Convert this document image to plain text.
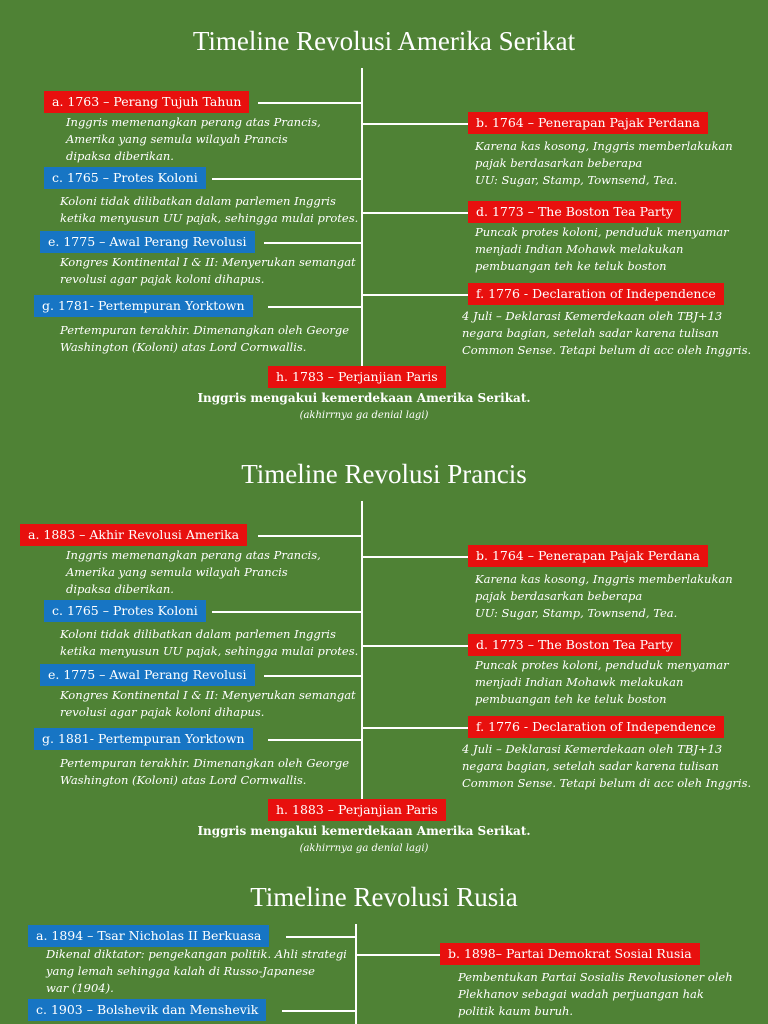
Timeline Revolusi Amerika Serikat
a. 1763 – Perang Tujuh Tahun
Inggris memenangkan perang atas Prancis,
Amerika yang semula wilayah Prancis
dipaksa diberikan.
b. 1764 – Penerapan Pajak Perdana
Karena kas kosong, Inggris memberlakukan
pajak berdasarkan beberapa
UU: Sugar, Stamp, Townsend, Tea.
c. 1765 – Protes Koloni
Koloni tidak dilibatkan dalam parlemen Inggris
ketika menyusun UU pajak, sehingga mulai protes.	d. 1773 – The Boston Tea Party
Puncak protes koloni, penduduk menyamar
menjadi Indian Mohawk melakukan
pembuangan teh ke teluk boston
e. 1775 – Awal Perang Revolusi
Kongres Kontinental I & II: Menyerukan semangat
revolusi agar pajak koloni dihapus.
f. 1776 - Declaration of Independence
4 Juli – Deklarasi Kemerdekaan oleh TBJ+13
negara bagian, setelah sadar karena tulisan
Common Sense. Tetapi belum di acc oleh Inggris.
g. 1781- Pertempuran Yorktown
Pertempuran terakhir. Dimenangkan oleh George
Washington (Koloni) atas Lord Cornwallis.
h. 1783 – Perjanjian Paris
Inggris mengakui kemerdekaan Amerika Serikat.
(akhirrnya ga denial lagi)
Timeline Revolusi Prancis
a. 1883 – Akhir Revolusi Amerika
Inggris memenangkan perang atas Prancis,
Amerika yang semula wilayah Prancis
dipaksa diberikan.
b. 1764 – Penerapan Pajak Perdana
Karena kas kosong, Inggris memberlakukan
pajak berdasarkan beberapa
UU: Sugar, Stamp, Townsend, Tea.
c. 1765 – Protes Koloni
Koloni tidak dilibatkan dalam parlemen Inggris
ketika menyusun UU pajak, sehingga mulai protes.	d. 1773 – The Boston Tea Party
Puncak protes koloni, penduduk menyamar
menjadi Indian Mohawk melakukan
pembuangan teh ke teluk boston
e. 1775 – Awal Perang Revolusi
Kongres Kontinental I & II: Menyerukan semangat
revolusi agar pajak koloni dihapus.
f. 1776 - Declaration of Independence
4 Juli – Deklarasi Kemerdekaan oleh TBJ+13
negara bagian, setelah sadar karena tulisan
Common Sense. Tetapi belum di acc oleh Inggris.
g. 1881- Pertempuran Yorktown
Pertempuran terakhir. Dimenangkan oleh George
Washington (Koloni) atas Lord Cornwallis.
h. 1883 – Perjanjian Paris
Inggris mengakui kemerdekaan Amerika Serikat.
(akhirrnya ga denial lagi)
Timeline Revolusi Rusia
a. 1894 – Tsar Nicholas II Berkuasa
Dikenal diktator: pengekangan politik. Ahli strategi
yang lemah sehingga kalah di Russo-Japanese
war (1904).
b. 1898– Partai Demokrat Sosial Rusia
Pembentukan Partai Sosialis Revolusioner oleh
Plekhanov sebagai wadah perjuangan hak
politik kaum buruh.
c. 1903 – Bolshevik dan Menshevik
